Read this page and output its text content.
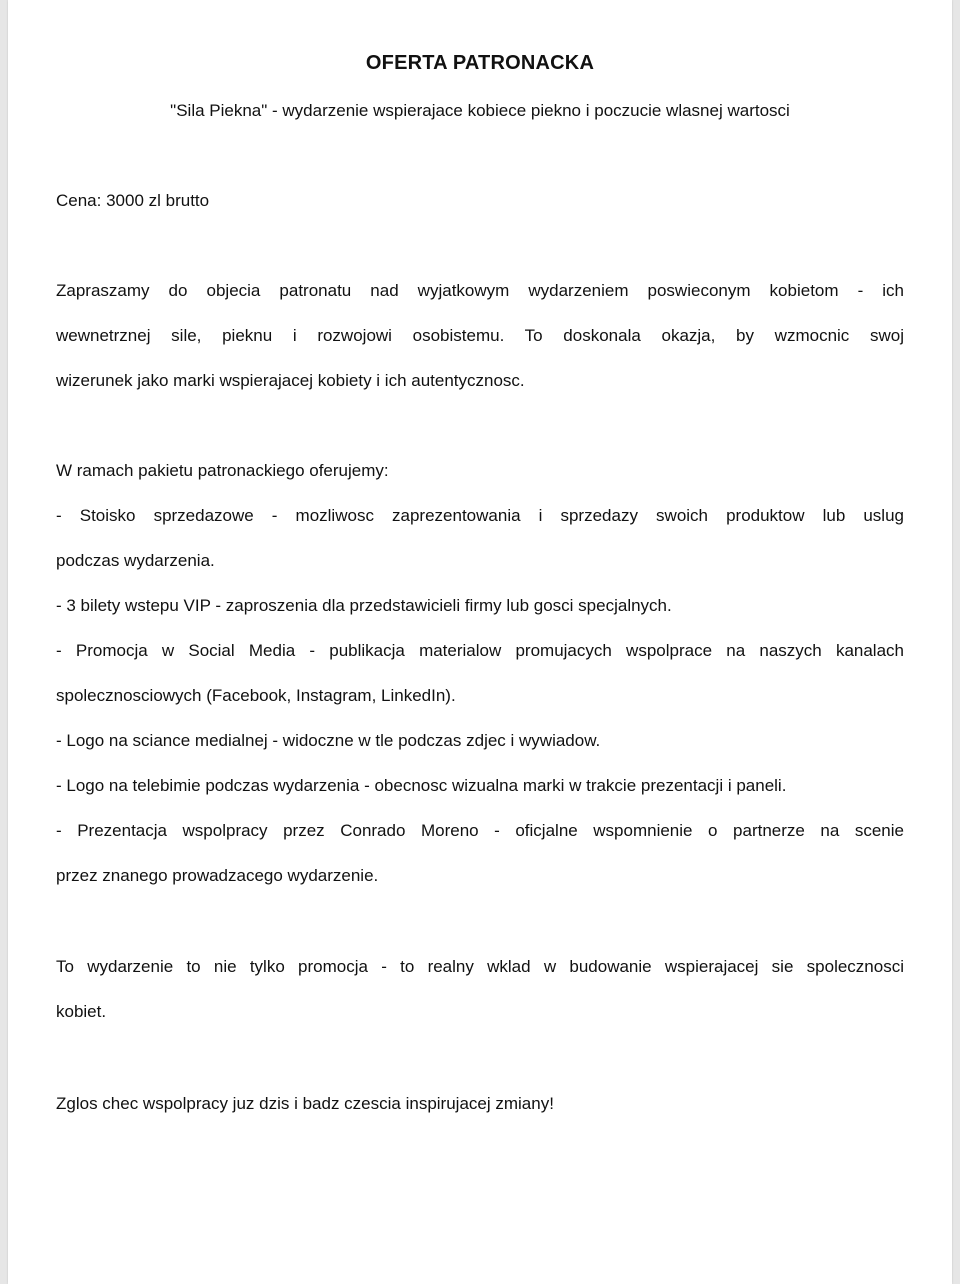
OFERTA PATRONACKA
"Sila Piekna" - wydarzenie wspierajace kobiece piekno i poczucie wlasnej wartosci
Cena: 3000 zl brutto
Zapraszamy do objecia patronatu nad wyjatkowym wydarzeniem poswieconym kobietom - ich
wewnetrznej sile, pieknu i rozwojowi osobistemu. To doskonala okazja, by wzmocnic swoj
wizerunek jako marki wspierajacej kobiety i ich autentycznosc.
W ramach pakietu patronackiego oferujemy:
- Stoisko sprzedazowe - mozliwosc zaprezentowania i sprzedazy swoich produktow lub uslug
podczas wydarzenia.
- 3 bilety wstepu VIP - zaproszenia dla przedstawicieli firmy lub gosci specjalnych.
- Promocja w Social Media - publikacja materialow promujacych wspolprace na naszych kanalach
spolecznosciowych (Facebook, Instagram, LinkedIn).
- Logo na sciance medialnej - widoczne w tle podczas zdjec i wywiadow.
- Logo na telebimie podczas wydarzenia - obecnosc wizualna marki w trakcie prezentacji i paneli.
- Prezentacja wspolpracy przez Conrado Moreno - oficjalne wspomnienie o partnerze na scenie
przez znanego prowadzacego wydarzenie.
To wydarzenie to nie tylko promocja - to realny wklad w budowanie wspierajacej sie spolecznosci
kobiet.
Zglos chec wspolpracy juz dzis i badz czescia inspirujacej zmiany!
